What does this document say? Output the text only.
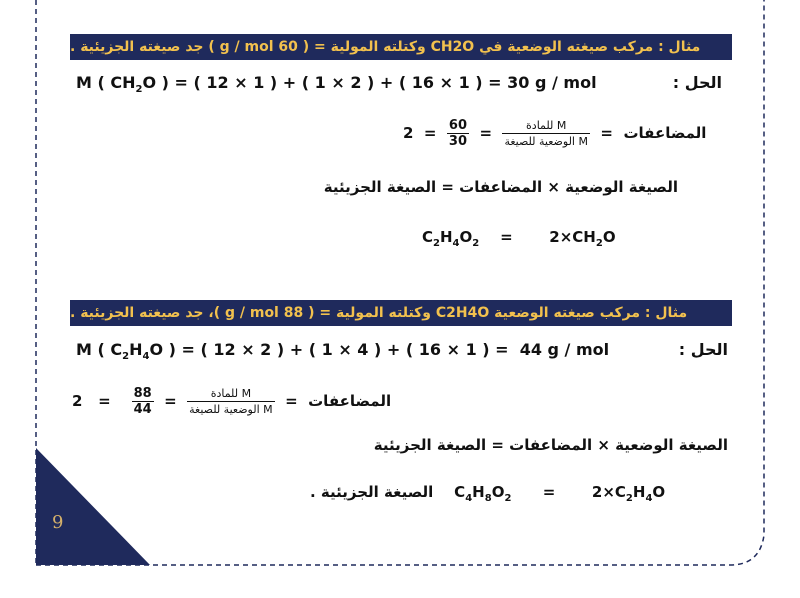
مثال : مركب صيغته الوضعية في CH2O وكتلته المولية = ( 60 g / mol ) جد صيغته الجزيئية .
الحل :
M ( $CH_2O$ ) = ( 12 × 1 ) + ( 1 × 2 ) + ( 16 × 1 ) = 30 g / mol
$2 = \frac{60}{30} = \frac{\text{M للمادة}}{\text{M الوضعية للصيغة}}$ =  المضاعفات
الصيغة الوضعية × المضاعفات = الصيغة الجزيئية
$C_2H_4O_2$    =       $2\times CH_2O$
مثال : مركب صيغته الوضعية C2H4O وكتلته المولية = ( 88 g / mol )، جد صيغته الجزيئية .
الحل :
M ( $C_2H_4O$ ) = ( 12 × 2 ) + ( 1 × 4 ) + ( 16 × 1 ) =  44 g / mol
$2 = \frac{88}{44} = \frac{\text{M للمادة}}{\text{M الوضعية للصيغة}}$ =  المضاعفات
الصيغة الوضعية × المضاعفات = الصيغة الجزيئية
الصيغة الجزيئية . $C_4H_8O_2$      =       $2\times C_2H_4O$
9
